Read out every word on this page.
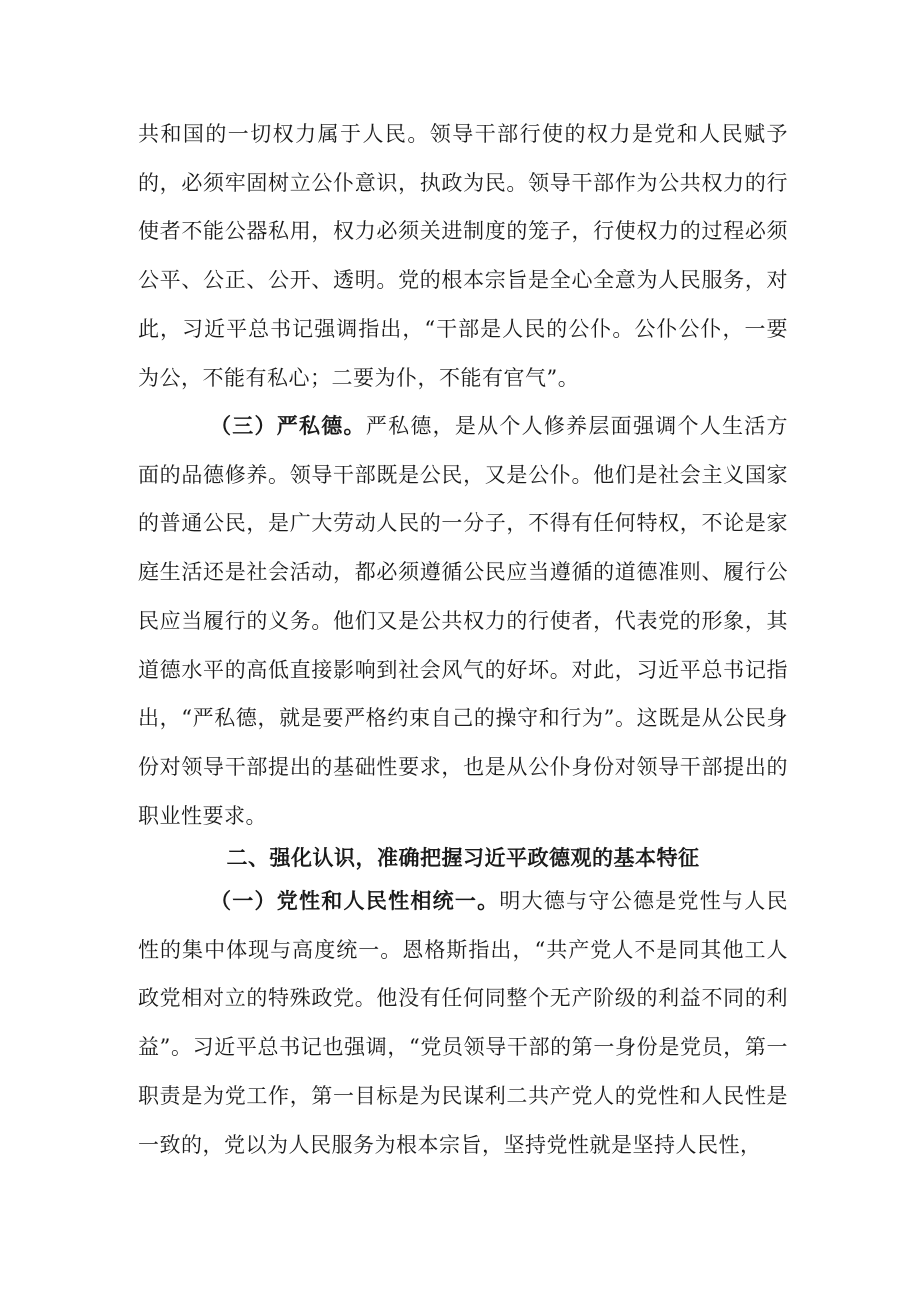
共和国的一切权力属于人民。领导干部行使的权力是党和人民赋予的，必须牢固树立公仆意识，执政为民。领导干部作为公共权力的行使者不能公器私用，权力必须关进制度的笼子，行使权力的过程必须公平、公正、公开、透明。党的根本宗旨是全心全意为人民服务，对此，习近平总书记强调指出，“干部是人民的公仆。公仆公仆，一要为公，不能有私心；二要为仆，不能有官气”。

（三）严私德。严私德，是从个人修养层面强调个人生活方面的品德修养。领导干部既是公民，又是公仆。他们是社会主义国家的普通公民，是广大劳动人民的一分子，不得有任何特权，不论是家庭生活还是社会活动，都必须遵循公民应当遵循的道德准则、履行公民应当履行的义务。他们又是公共权力的行使者，代表党的形象，其道德水平的高低直接影响到社会风气的好坏。对此，习近平总书记指出，“严私德，就是要严格约束自己的操守和行为”。这既是从公民身份对领导干部提出的基础性要求，也是从公仆身份对领导干部提出的职业性要求。

二、强化认识，准确把握习近平政德观的基本特征

（一）党性和人民性相统一。明大德与守公德是党性与人民性的集中体现与高度统一。恩格斯指出，“共产党人不是同其他工人政党相对立的特殊政党。他没有任何同整个无产阶级的利益不同的利益”。习近平总书记也强调，“党员领导干部的第一身份是党员，第一职责是为党工作，第一目标是为民谋利二共产党人的党性和人民性是一致的，党以为人民服务为根本宗旨，坚持党性就是坚持人民性，
